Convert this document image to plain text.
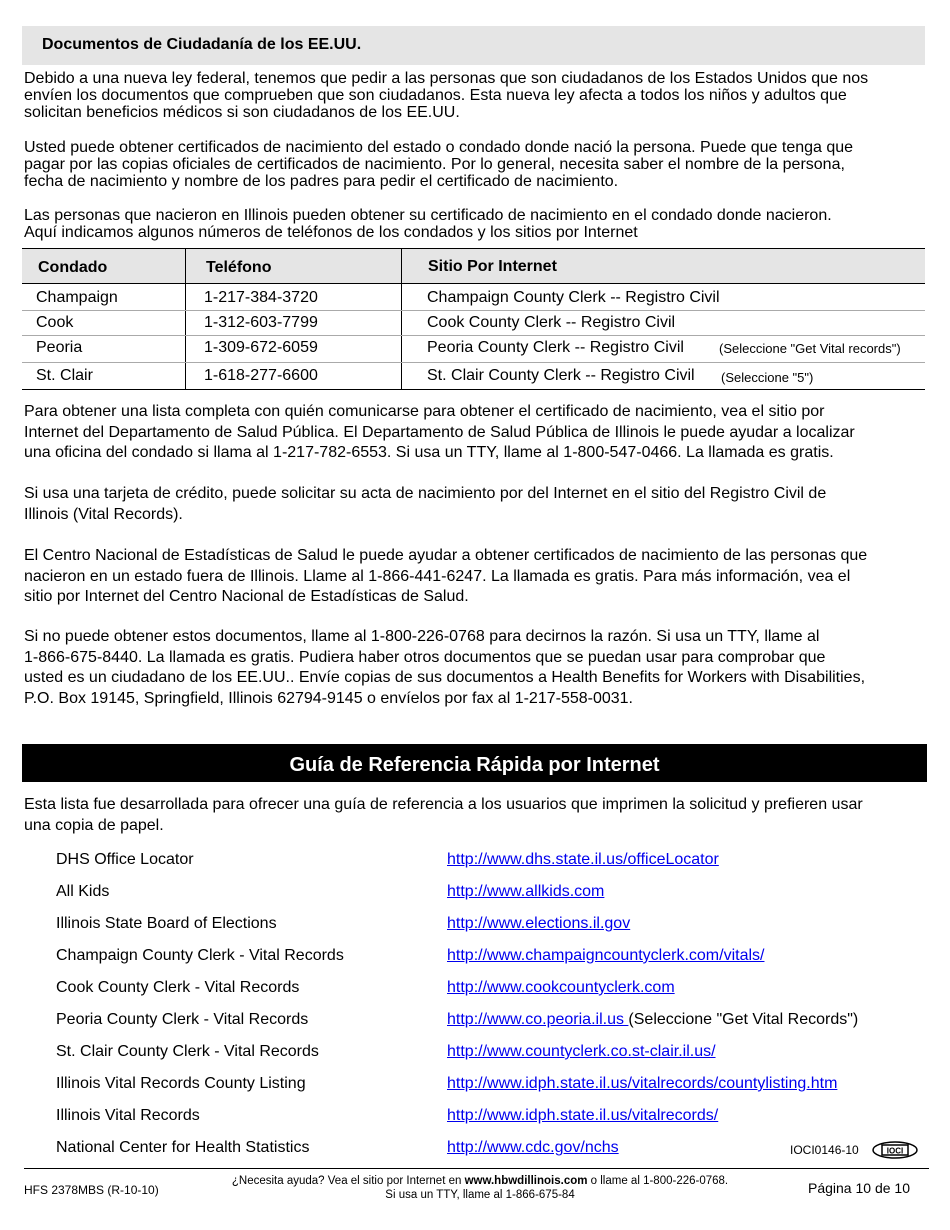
Documentos de Ciudadanía de los EE.UU.
Debido a una nueva ley federal, tenemos que pedir a las personas que son ciudadanos de los Estados Unidos que nos
envíen los documentos que comprueben que son ciudadanos. Esta nueva ley afecta a todos los niños y adultos que
solicitan beneficios médicos si son ciudadanos de los EE.UU.
Usted puede obtener certificados de nacimiento del estado o condado donde nació la persona. Puede que tenga que
pagar por las copias oficiales de certificados de nacimiento. Por lo general, necesita saber el nombre de la persona,
fecha de nacimiento y nombre de los padres para pedir el certificado de nacimiento.
Las personas que nacieron en Illinois pueden obtener su certificado de nacimiento en el condado donde nacieron.
Aquí indicamos algunos números de teléfonos de los condados y los sitios por Internet
Condado	Teléfono	Sitio Por Internet
Champaign	1-217-384-3720	Champaign County Clerk -- Registro Civil
Cook	1-312-603-7799	Cook County Clerk -- Registro Civil
Peoria	1-309-672-6059	Peoria County Clerk -- Registro Civil	(Seleccione "Get Vital records")
St. Clair	1-618-277-6600	St. Clair County Clerk -- Registro Civil (Seleccione "5")
Para obtener una lista completa con quién comunicarse para obtener el certificado de nacimiento, vea el sitio por
Internet del Departamento de Salud Pública. El Departamento de Salud Pública de Illinois le puede ayudar a localizar
una oficina del condado si llama al 1-217-782-6553. Si usa un TTY, llame al 1-800-547-0466. La llamada es gratis.
Si usa una tarjeta de crédito, puede solicitar su acta de nacimiento por del Internet en el sitio del Registro Civil de
Illinois (Vital Records).
El Centro Nacional de Estadísticas de Salud le puede ayudar a obtener certificados de nacimiento de las personas que
nacieron en un estado fuera de Illinois. Llame al 1-866-441-6247. La llamada es gratis. Para más información, vea el
sitio por Internet del Centro Nacional de Estadísticas de Salud.
Si no puede obtener estos documentos, llame al 1-800-226-0768 para decirnos la razón. Si usa un TTY, llame al
1-866-675-8440. La llamada es gratis. Pudiera haber otros documentos que se puedan usar para comprobar que
usted es un ciudadano de los EE.UU.. Envíe copias de sus documentos a Health Benefits for Workers with Disabilities,
P.O. Box 19145, Springfield, Illinois 62794-9145 o envíelos por fax al 1-217-558-0031.
Guía de Referencia Rápida por Internet
Esta lista fue desarrollada para ofrecer una guía de referencia a los usuarios que imprimen la solicitud y prefieren usar
una copia de papel.
DHS Office Locator	http://www.dhs.state.il.us/officeLocator
All Kids	http://www.allkids.com
Illinois State Board of Elections	http://www.elections.il.gov
Champaign County Clerk - Vital Records	http://www.champaigncountyclerk.com/vitals/
Cook County Clerk - Vital Records	http://www.cookcountyclerk.com
Peoria County Clerk - Vital Records	http://www.co.peoria.il.us (Seleccione "Get Vital Records")
St. Clair County Clerk - Vital Records	http://www.countyclerk.co.st-clair.il.us/
Illinois Vital Records County Listing	http://www.idph.state.il.us/vitalrecords/countylisting.htm
Illinois Vital Records	http://www.idph.state.il.us/vitalrecords/
National Center for Health Statistics	http://www.cdc.gov/nchs	IOCI0146-10	IOCI
HFS 2378MBS (R-10-10)
¿Necesita ayuda? Vea el sitio por Internet en www.hbwdillinois.com o llame al 1-800-226-0768.
Si usa un TTY, llame al 1-866-675-84	Página 10 de 10
